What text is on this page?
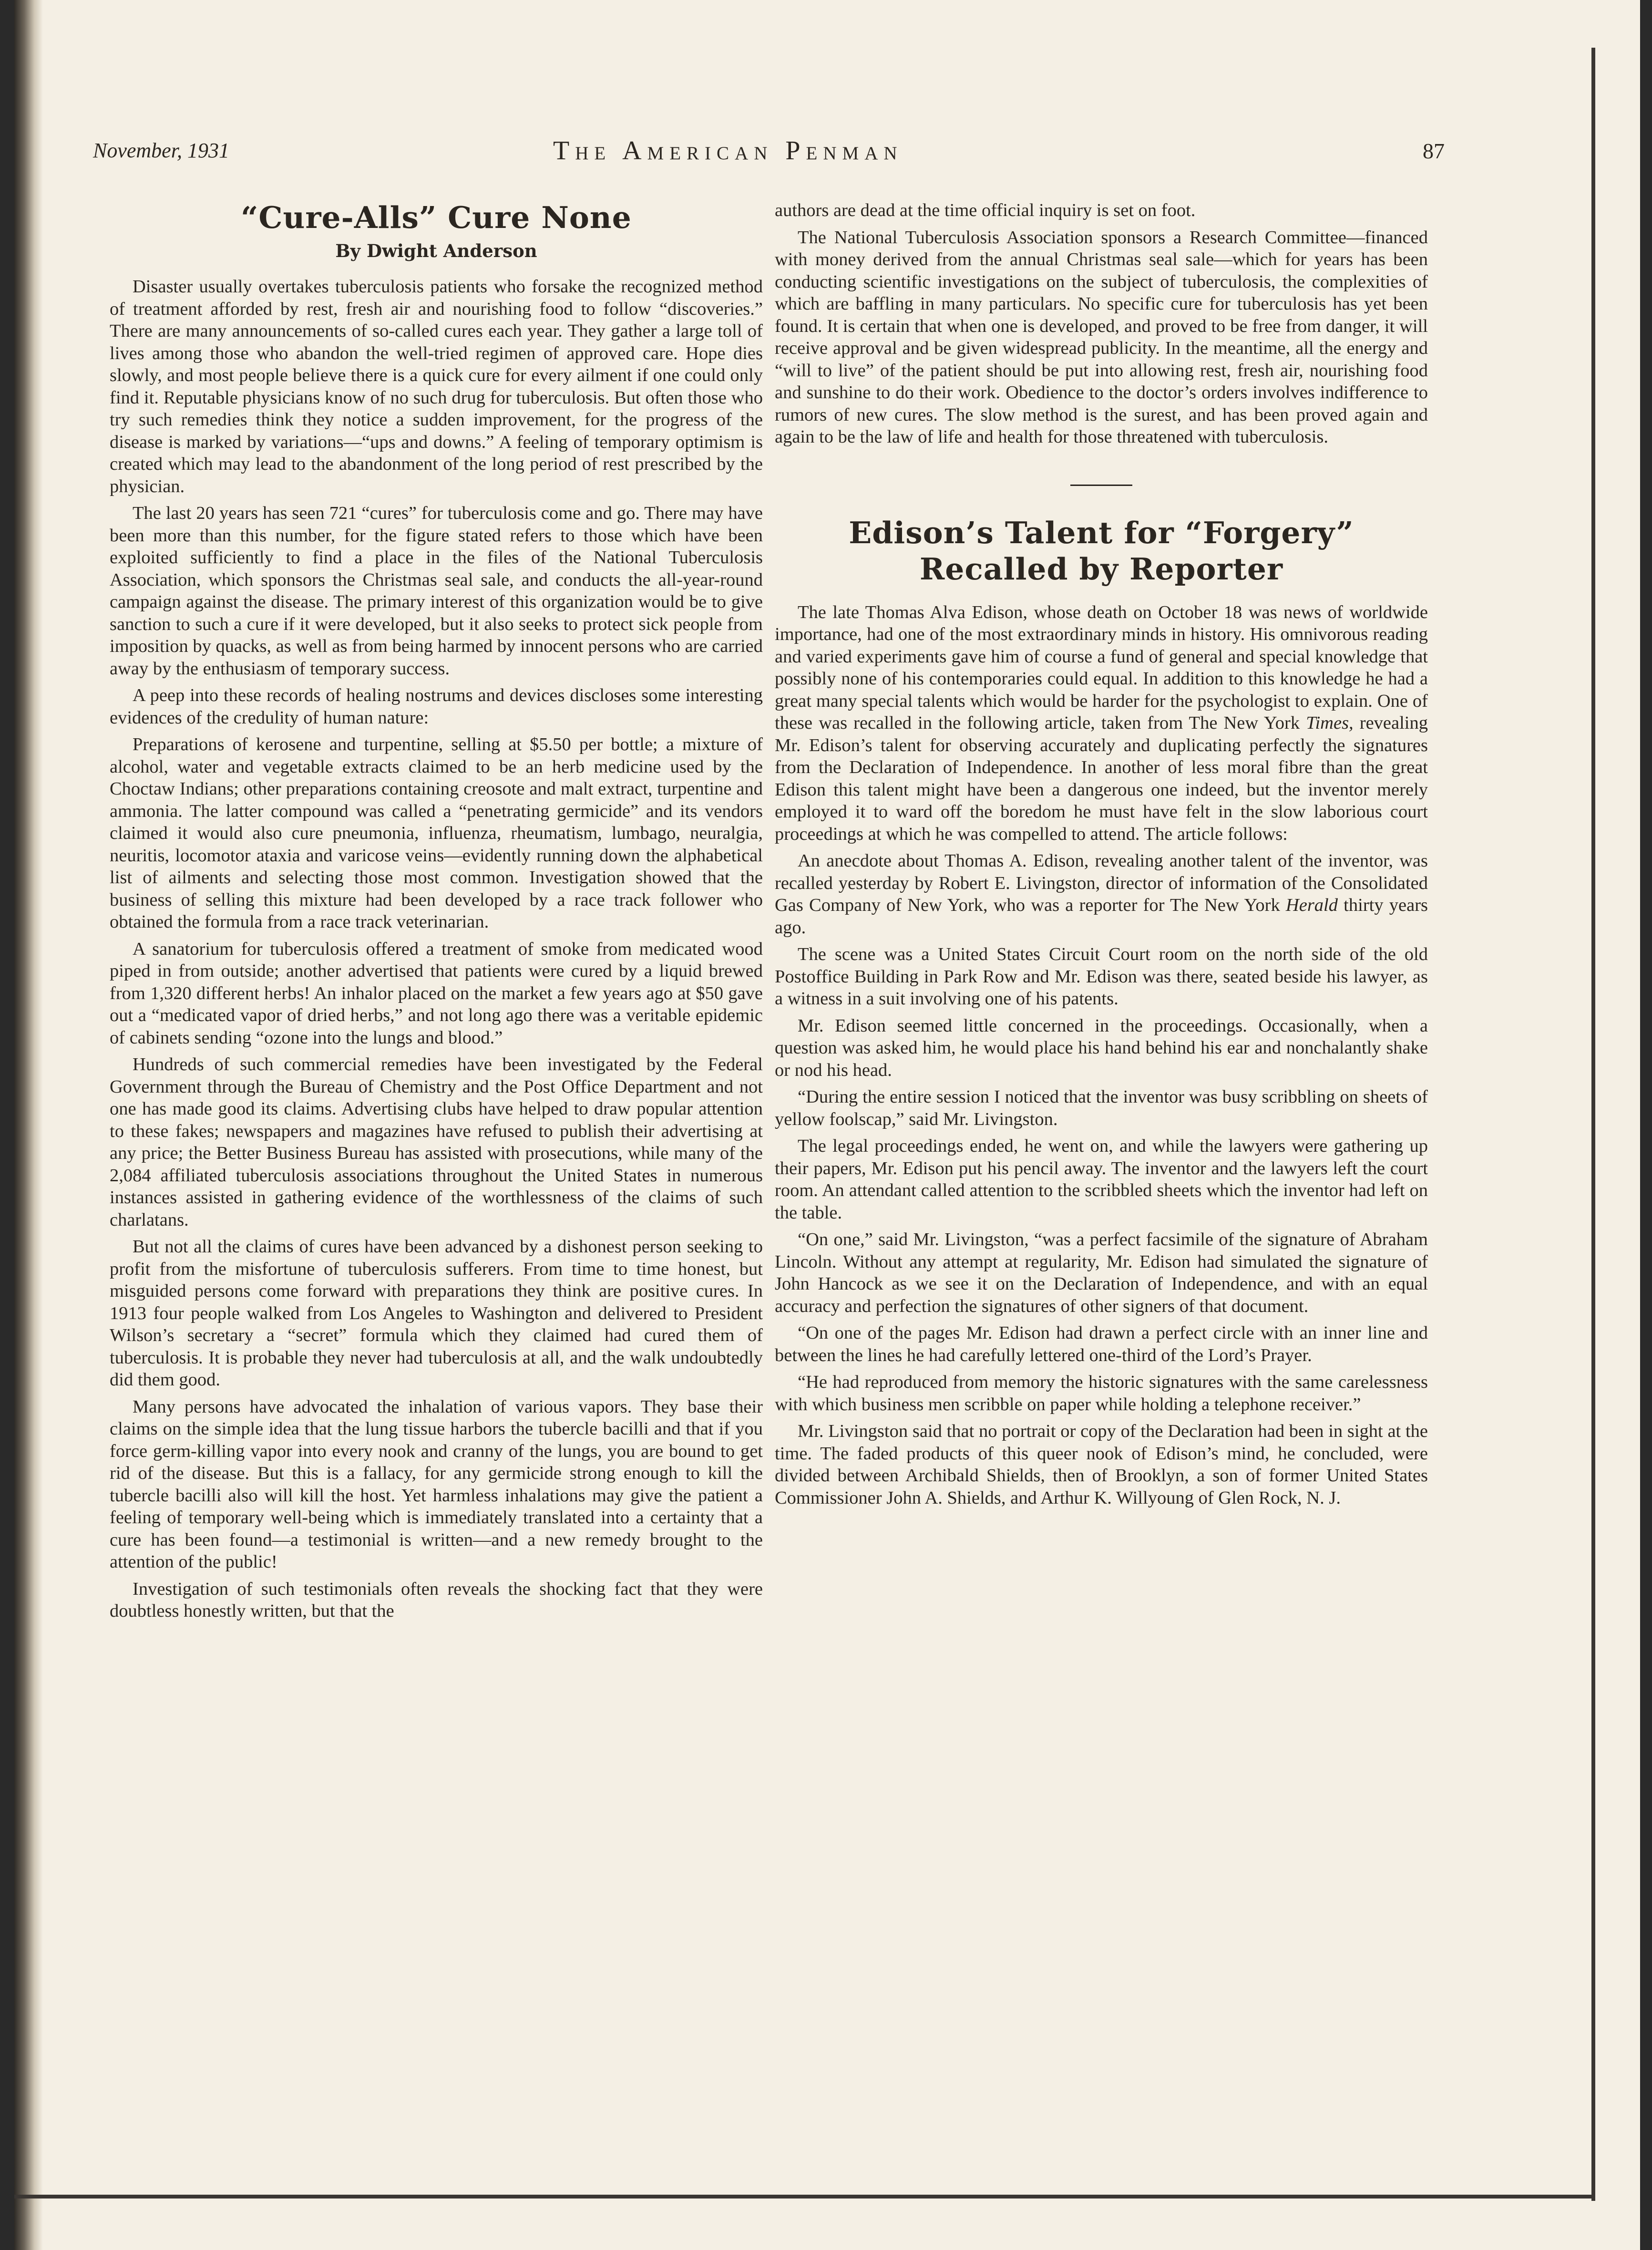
November, 1931	The American Penman	87
“Cure-Alls” Cure None
By Dwight Anderson

Disaster usually overtakes tuberculosis patients who forsake the recognized method of treatment afforded by rest, fresh air and nourishing food to follow “discoveries.” There are many announcements of so-called cures each year. They gather a large toll of lives among those who abandon the well-tried regimen of approved care. Hope dies slowly, and most people believe there is a quick cure for every ailment if one could only find it. Reputable physicians know of no such drug for tuberculosis. But often those who try such remedies think they notice a sudden improvement, for the progress of the disease is marked by variations—“ups and downs.” A feeling of temporary optimism is created which may lead to the abandonment of the long period of rest prescribed by the physician.

The last 20 years has seen 721 “cures” for tuberculosis come and go. There may have been more than this number, for the figure stated refers to those which have been exploited sufficiently to find a place in the files of the National Tuberculosis Association, which sponsors the Christmas seal sale, and conducts the all-year-round campaign against the disease. The primary interest of this organization would be to give sanction to such a cure if it were developed, but it also seeks to protect sick people from imposition by quacks, as well as from being harmed by innocent persons who are carried away by the enthusiasm of temporary success.

A peep into these records of healing nostrums and devices discloses some interesting evidences of the credulity of human nature:

Preparations of kerosene and turpentine, selling at $5.50 per bottle; a mixture of alcohol, water and vegetable extracts claimed to be an herb medicine used by the Choctaw Indians; other preparations containing creosote and malt extract, turpentine and ammonia. The latter compound was called a “penetrating germicide” and its vendors claimed it would also cure pneumonia, influenza, rheumatism, lumbago, neuralgia, neuritis, locomotor ataxia and varicose veins—evidently running down the alphabetical list of ailments and selecting those most common. Investigation showed that the business of selling this mixture had been developed by a race track follower who obtained the formula from a race track veterinarian.

A sanatorium for tuberculosis offered a treatment of smoke from medicated wood piped in from outside; another advertised that patients were cured by a liquid brewed from 1,320 different herbs! An inhalor placed on the market a few years ago at $50 gave out a “medicated vapor of dried herbs,” and not long ago there was a veritable epidemic of cabinets sending “ozone into the lungs and blood.”

Hundreds of such commercial remedies have been investigated by the Federal Government through the Bureau of Chemistry and the Post Office Department and not one has made good its claims. Advertising clubs have helped to draw popular attention to these fakes; newspapers and magazines have refused to publish their advertising at any price; the Better Business Bureau has assisted with prosecutions, while many of the 2,084 affiliated tuberculosis associations throughout the United States in numerous instances assisted in gathering evidence of the worthlessness of the claims of such charlatans.

But not all the claims of cures have been advanced by a dishonest person seeking to profit from the misfortune of tuberculosis sufferers. From time to time honest, but misguided persons come forward with preparations they think are positive cures. In 1913 four people walked from Los Angeles to Washington and delivered to President Wilson’s secretary a “secret” formula which they claimed had cured them of tuberculosis. It is probable they never had tuberculosis at all, and the walk undoubtedly did them good.

Many persons have advocated the inhalation of various vapors. They base their claims on the simple idea that the lung tissue harbors the tubercle bacilli and that if you force germ-killing vapor into every nook and cranny of the lungs, you are bound to get rid of the disease. But this is a fallacy, for any germicide strong enough to kill the tubercle bacilli also will kill the host. Yet harmless inhalations may give the patient a feeling of temporary well-being which is immediately translated into a certainty that a cure has been found—a testimonial is written—and a new remedy brought to the attention of the public!

Investigation of such testimonials often reveals the shocking fact that they were doubtless honestly written, but that the

authors are dead at the time official inquiry is set on foot.

The National Tuberculosis Association sponsors a Research Committee—financed with money derived from the annual Christmas seal sale—which for years has been conducting scientific investigations on the subject of tuberculosis, the complexities of which are baffling in many particulars. No specific cure for tuberculosis has yet been found. It is certain that when one is developed, and proved to be free from danger, it will receive approval and be given widespread publicity. In the meantime, all the energy and “will to live” of the patient should be put into allowing rest, fresh air, nourishing food and sunshine to do their work. Obedience to the doctor’s orders involves indifference to rumors of new cures. The slow method is the surest, and has been proved again and again to be the law of life and health for those threatened with tuberculosis.

Edison’s Talent for “Forgery”
Recalled by Reporter

The late Thomas Alva Edison, whose death on October 18 was news of worldwide importance, had one of the most extraordinary minds in history. His omnivorous reading and varied experiments gave him of course a fund of general and special knowledge that possibly none of his contemporaries could equal. In addition to this knowledge he had a great many special talents which would be harder for the psychologist to explain. One of these was recalled in the following article, taken from The New York Times, revealing Mr. Edison’s talent for observing accurately and duplicating perfectly the signatures from the Declaration of Independence. In another of less moral fibre than the great Edison this talent might have been a dangerous one indeed, but the inventor merely employed it to ward off the boredom he must have felt in the slow laborious court proceedings at which he was compelled to attend. The article follows:

An anecdote about Thomas A. Edison, revealing another talent of the inventor, was recalled yesterday by Robert E. Livingston, director of information of the Consolidated Gas Company of New York, who was a reporter for The New York Herald thirty years ago.

The scene was a United States Circuit Court room on the north side of the old Postoffice Building in Park Row and Mr. Edison was there, seated beside his lawyer, as a witness in a suit involving one of his patents.

Mr. Edison seemed little concerned in the proceedings. Occasionally, when a question was asked him, he would place his hand behind his ear and nonchalantly shake or nod his head.

“During the entire session I noticed that the inventor was busy scribbling on sheets of yellow foolscap,” said Mr. Livingston.

The legal proceedings ended, he went on, and while the lawyers were gathering up their papers, Mr. Edison put his pencil away. The inventor and the lawyers left the court room. An attendant called attention to the scribbled sheets which the inventor had left on the table.

“On one,” said Mr. Livingston, “was a perfect facsimile of the signature of Abraham Lincoln. Without any attempt at regularity, Mr. Edison had simulated the signature of John Hancock as we see it on the Declaration of Independence, and with an equal accuracy and perfection the signatures of other signers of that document.

“On one of the pages Mr. Edison had drawn a perfect circle with an inner line and between the lines he had carefully lettered one-third of the Lord’s Prayer.

“He had reproduced from memory the historic signatures with the same carelessness with which business men scribble on paper while holding a telephone receiver.”

Mr. Livingston said that no portrait or copy of the Declaration had been in sight at the time. The faded products of this queer nook of Edison’s mind, he concluded, were divided between Archibald Shields, then of Brooklyn, a son of former United States Commissioner John A. Shields, and Arthur K. Willyoung of Glen Rock, N. J.
